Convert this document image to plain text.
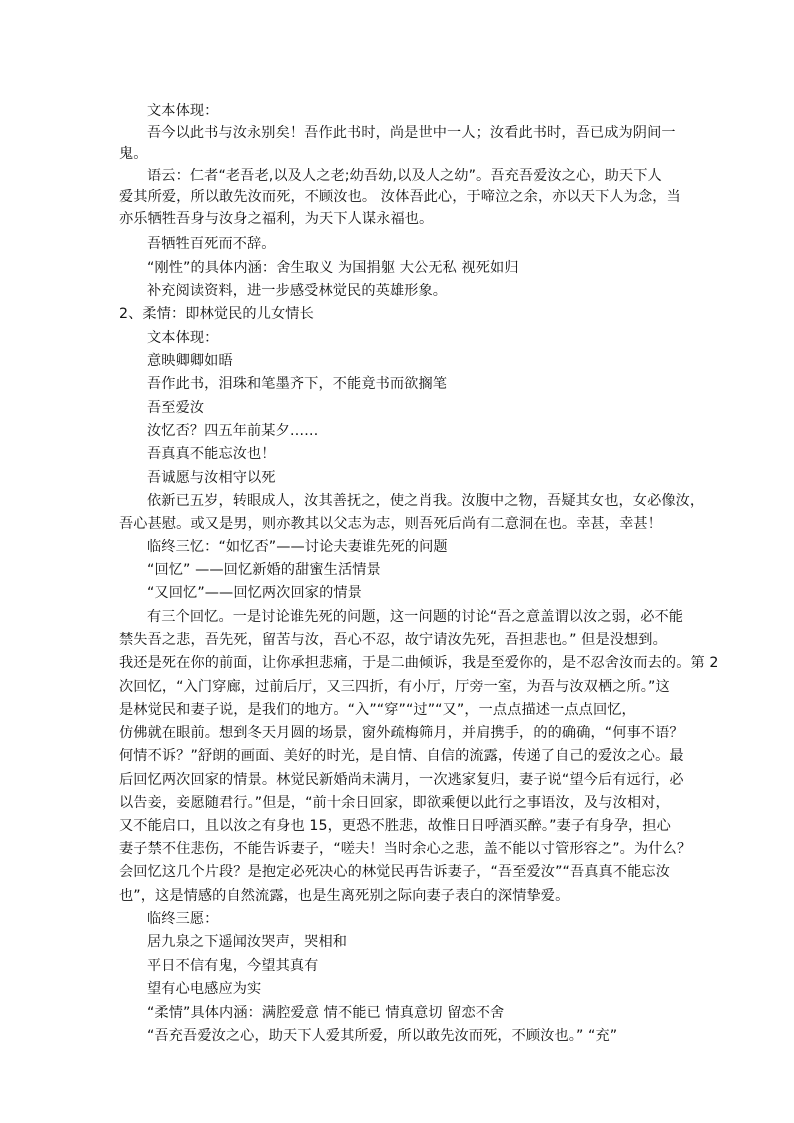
文本体现：
吾今以此书与汝永别矣！吾作此书时，尚是世中一人；汝看此书时，吾已成为阴间一
鬼。
语云：仁者“老吾老,以及人之老;幼吾幼,以及人之幼”。吾充吾爱汝之心，助天下人
爱其所爱，所以敢先汝而死，不顾汝也。 汝体吾此心，于啼泣之余，亦以天下人为念，当
亦乐牺牲吾身与汝身之福利，为天下人谋永福也。
吾牺牲百死而不辞。
“刚性”的具体内涵：舍生取义 为国捐躯 大公无私 视死如归
补充阅读资料，进一步感受林觉民的英雄形象。
2、柔情：即林觉民的儿女情长
文本体现：
意映卿卿如晤
吾作此书，泪珠和笔墨齐下，不能竟书而欲搁笔
吾至爱汝
汝忆否？四五年前某夕……
吾真真不能忘汝也！
吾诚愿与汝相守以死
依新已五岁，转眼成人，汝其善抚之，使之肖我。汝腹中之物，吾疑其女也，女必像汝，
吾心甚慰。或又是男，则亦教其以父志为志，则吾死后尚有二意洞在也。幸甚，幸甚！
临终三忆：“如忆否”——讨论夫妻谁先死的问题
“回忆” ——回忆新婚的甜蜜生活情景
“又回忆”——回忆两次回家的情景
有三个回忆。一是讨论谁先死的问题，这一问题的讨论“吾之意盖谓以汝之弱，必不能
禁失吾之悲，吾先死，留苦与汝，吾心不忍，故宁请汝先死，吾担悲也。” 但是没想到。
我还是死在你的前面，让你承担悲痛，于是二曲倾诉，我是至爱你的，是不忍舍汝而去的。第 2
次回忆，“入门穿廊，过前后厅，又三四折，有小厅，厅旁一室，为吾与汝双栖之所。”这
是林觉民和妻子说，是我们的地方。“入”“穿”“过”“又”，一点点描述一点点回忆，
仿佛就在眼前。想到冬天月圆的场景，窗外疏梅筛月，并肩携手，的的确确，“何事不语？
何情不诉？”舒朗的画面、美好的时光，是自情、自信的流露，传递了自己的爱汝之心。最
后回忆两次回家的情景。林觉民新婚尚未满月，一次逃家复归，妻子说“望今后有远行，必
以告妾，妾愿随君行。”但是，“前十余日回家，即欲乘便以此行之事语汝，及与汝相对，
又不能启口，且以汝之有身也 15，更恐不胜悲，故惟日日呼酒买醉。”妻子有身孕，担心
妻子禁不住悲伤，不能告诉妻子，“嗟夫！当时余心之悲，盖不能以寸管形容之”。为什么？
会回忆这几个片段？是抱定必死决心的林觉民再告诉妻子，“吾至爱汝”“吾真真不能忘汝
也”，这是情感的自然流露，也是生离死别之际向妻子表白的深情挚爱。
临终三愿：
居九泉之下遥闻汝哭声，哭相和
平日不信有鬼，今望其真有
望有心电感应为实
“柔情”具体内涵：满腔爱意 情不能已 情真意切 留恋不舍
“吾充吾爱汝之心，助天下人爱其所爱，所以敢先汝而死，不顾汝也。” “充”
